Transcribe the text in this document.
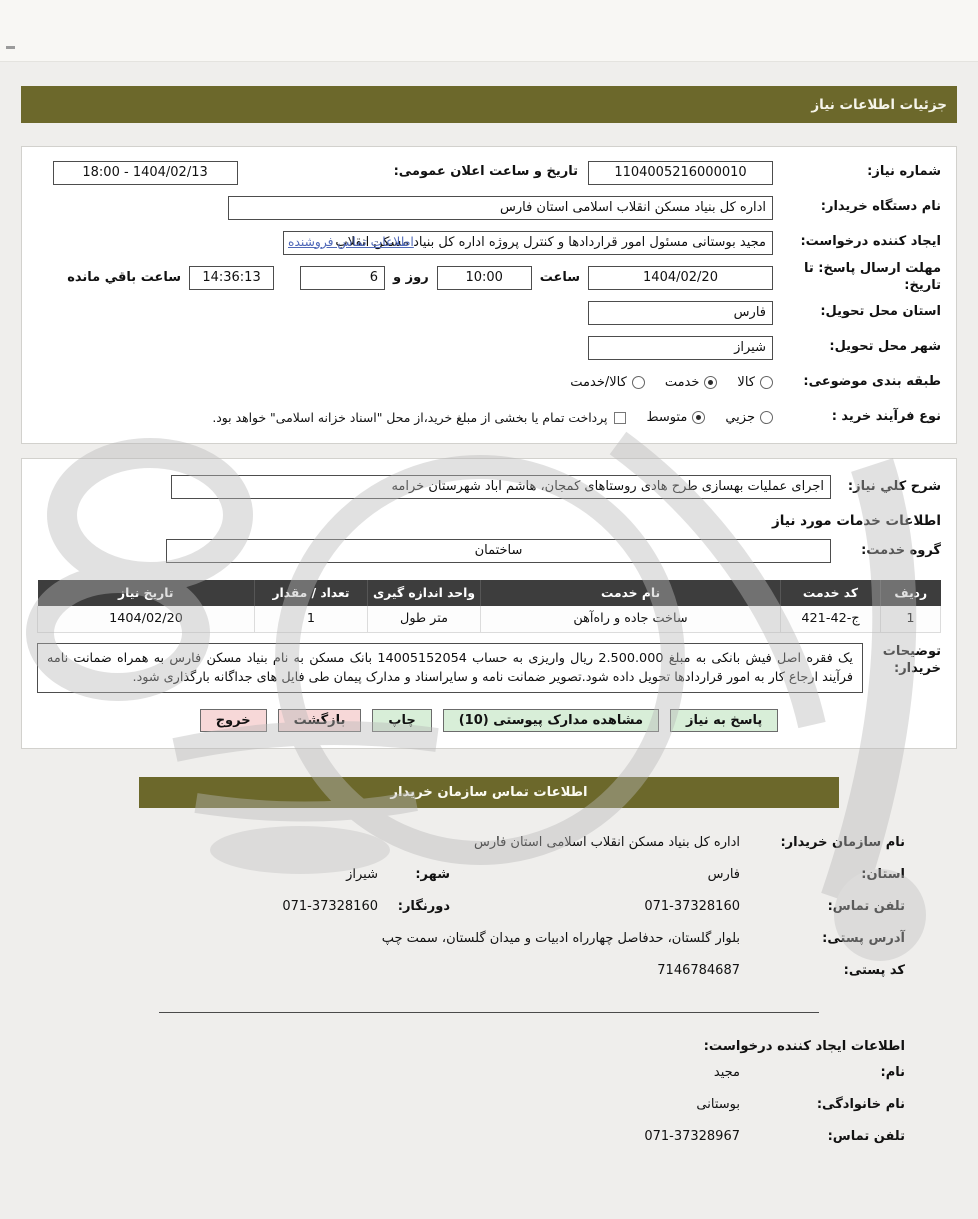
جزئیات اطلاعات نیاز
شماره نیاز:
1104005216000010
تاریخ و ساعت اعلان عمومی:
1404/02/13 - 18:00
نام دستگاه خریدار:
اداره کل بنیاد مسکن انقلاب اسلامی استان فارس
ایجاد کننده درخواست:
مجید بوستانی مسئول امور قراردادها و کنترل پروژه اداره کل بنیاد مسکن انقلاب
اطلاعات تماس فروشنده
مهلت ارسال پاسخ: تا تاریخ:
1404/02/20
ساعت
10:00
روز و
6
14:36:13
ساعت باقي مانده
استان محل تحویل:
فارس
شهر محل تحویل:
شیراز
طبقه بندی موضوعی:
کالا
خدمت
کالا/خدمت
نوع فرآیند خرید :
جزيي
متوسط
پرداخت تمام یا بخشی از مبلغ خرید،از محل "اسناد خزانه اسلامی" خواهد بود.
شرح كلي نياز:
اجرای عملیات بهسازی طرح هادی روستاهای کمجان، هاشم آباد شهرستان خرامه
اطلاعات خدمات مورد نیاز
گروه خدمت:
ساختمان
ردیف	کد خدمت	نام خدمت	واحد اندازه گیری	تعداد / مقدار	تاریخ نیاز
1	ج-42-421	ساخت جاده و راه‌آهن	متر طول	1	1404/02/20
توضیحات خریدار:
یک فقره اصل فیش بانکی به مبلغ 2.500.000 ریال واریزی به حساب 14005152054 بانک مسکن به نام بنیاد مسکن فارس به همراه ضمانت نامه فرآیند ارجاع کار به امور قراردادها تحویل داده شود.تصویر ضمانت نامه و سایراسناد و مدارک پیمان طی فایل های جداگانه بارگذاری شود.
پاسخ به نیاز
مشاهده مدارک پیوستی (10)
چاپ
بازگشت
خروج
اطلاعات تماس سازمان خریدار
نام سازمان خریدار:
اداره کل بنیاد مسکن انقلاب اسلامی استان فارس
استان:
فارس
شهر:
شیراز
تلفن تماس:
071-37328160
دورنگار:
071-37328160
آدرس پستی:
بلوار گلستان، حدفاصل چهارراه ادبیات و میدان گلستان، سمت چپ
کد پستی:
7146784687
اطلاعات ایجاد کننده درخواست:
نام:
مجید
نام خانوادگی:
بوستانی
تلفن تماس:
071-37328967
